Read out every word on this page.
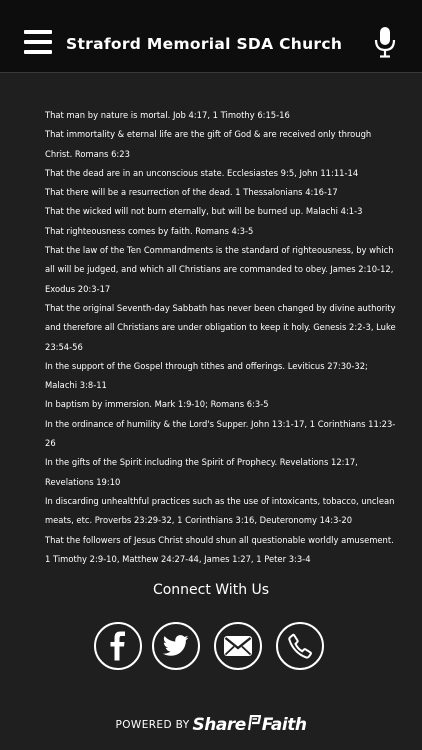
Straford Memorial SDA Church

That man by nature is mortal. Job 4:17, 1 Timothy 6:15-16

That immortality & eternal life are the gift of God & are received only through Christ. Romans 6:23

That the dead are in an unconscious state. Ecclesiastes 9:5, John 11:11-14

That there will be a resurrection of the dead. 1 Thessalonians 4:16-17

That the wicked will not burn eternally, but will be burned up. Malachi 4:1-3

That righteousness comes by faith. Romans 4:3-5

That the law of the Ten Commandments is the standard of righteousness, by which all will be judged, and which all Christians are commanded to obey. James 2:10-12, Exodus 20:3-17

That the original Seventh-day Sabbath has never been changed by divine authority and therefore all Christians are under obligation to keep it holy. Genesis 2:2-3, Luke 23:54-56

In the support of the Gospel through tithes and offerings. Leviticus 27:30-32; Malachi 3:8-11

In baptism by immersion. Mark 1:9-10; Romans 6:3-5

In the ordinance of humility & the Lord's Supper. John 13:1-17, 1 Corinthians 11:23-26

In the gifts of the Spirit including the Spirit of Prophecy. Revelations 12:17, Revelations 19:10

In discarding unhealthful practices such as the use of intoxicants, tobacco, unclean meats, etc. Proverbs 23:29-32, 1 Corinthians 3:16, Deuteronomy 14:3-20

That the followers of Jesus Christ should shun all questionable worldly amusement. 1 Timothy 2:9-10, Matthew 24:27-44, James 1:27, 1 Peter 3:3-4

Connect With Us
POWERED BY Share Faith
